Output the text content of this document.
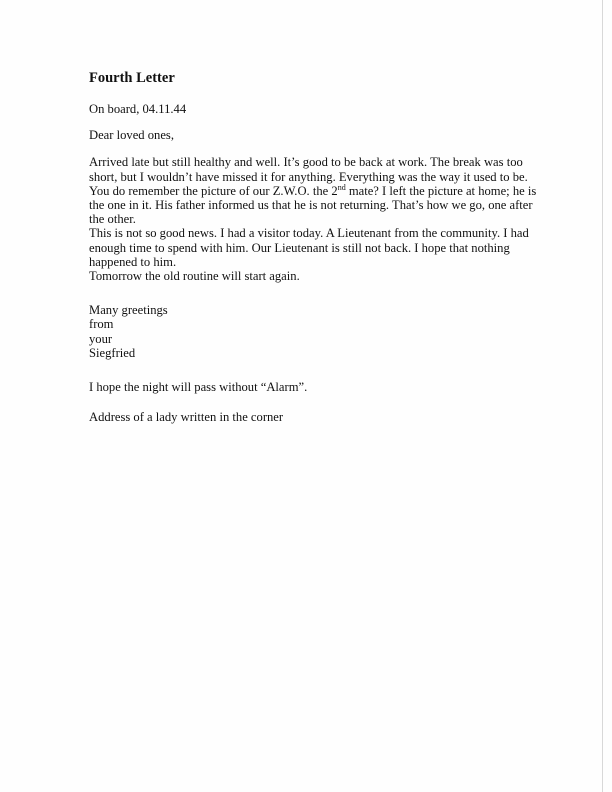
Fourth Letter
On board, 04.11.44
Dear loved ones,
Arrived late but still healthy and well. It’s good to be back at work. The break was too
short, but I wouldn’t have missed it for anything. Everything was the way it used to be.
You do remember the picture of our Z.W.O. the 2nd mate? I left the picture at home; he is
the one in it. His father informed us that he is not returning. That’s how we go, one after
the other.
This is not so good news. I had a visitor today. A Lieutenant from the community. I had
enough time to spend with him. Our Lieutenant is still not back. I hope that nothing
happened to him.
Tomorrow the old routine will start again.
Many greetings
from
your
Siegfried
I hope the night will pass without “Alarm”.
Address of a lady written in the corner
